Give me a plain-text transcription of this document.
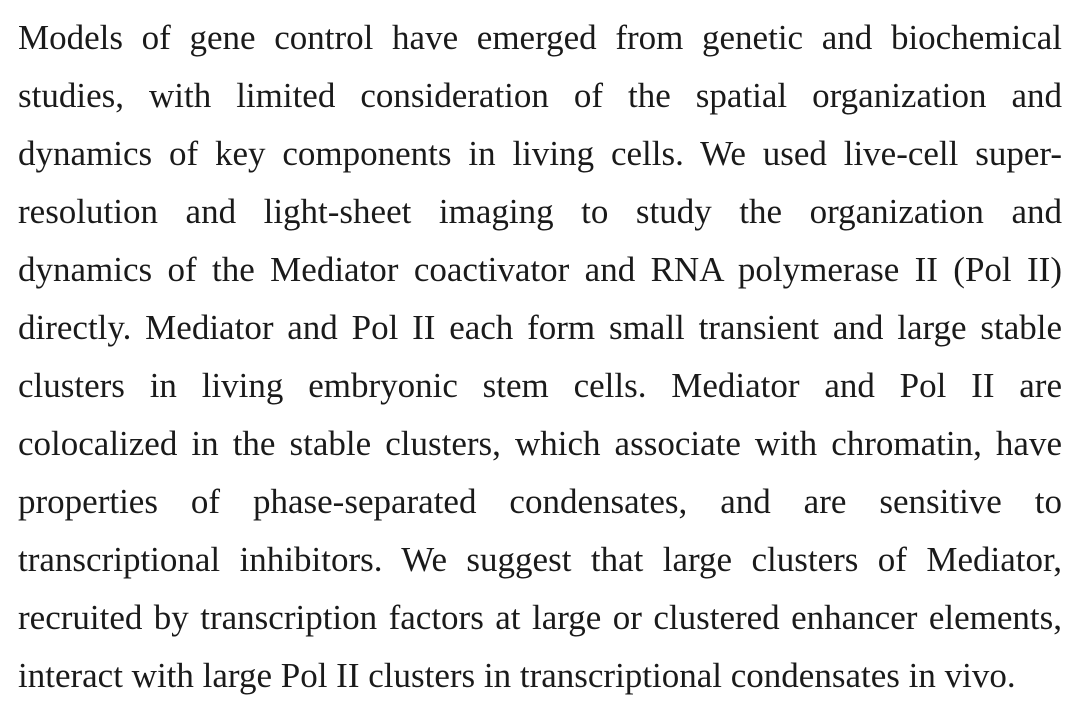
Models of gene control have emerged from genetic and biochemical
studies, with limited consideration of the spatial organization and
dynamics of key components in living cells. We used live-cell super-
resolution and light-sheet imaging to study the organization and
dynamics of the Mediator coactivator and RNA polymerase II (Pol II)
directly. Mediator and Pol II each form small transient and large stable
clusters in living embryonic stem cells. Mediator and Pol II are
colocalized in the stable clusters, which associate with chromatin, have
properties of phase-separated condensates, and are sensitive to
transcriptional inhibitors. We suggest that large clusters of Mediator,
recruited by transcription factors at large or clustered enhancer elements,
interact with large Pol II clusters in transcriptional condensates in vivo.
